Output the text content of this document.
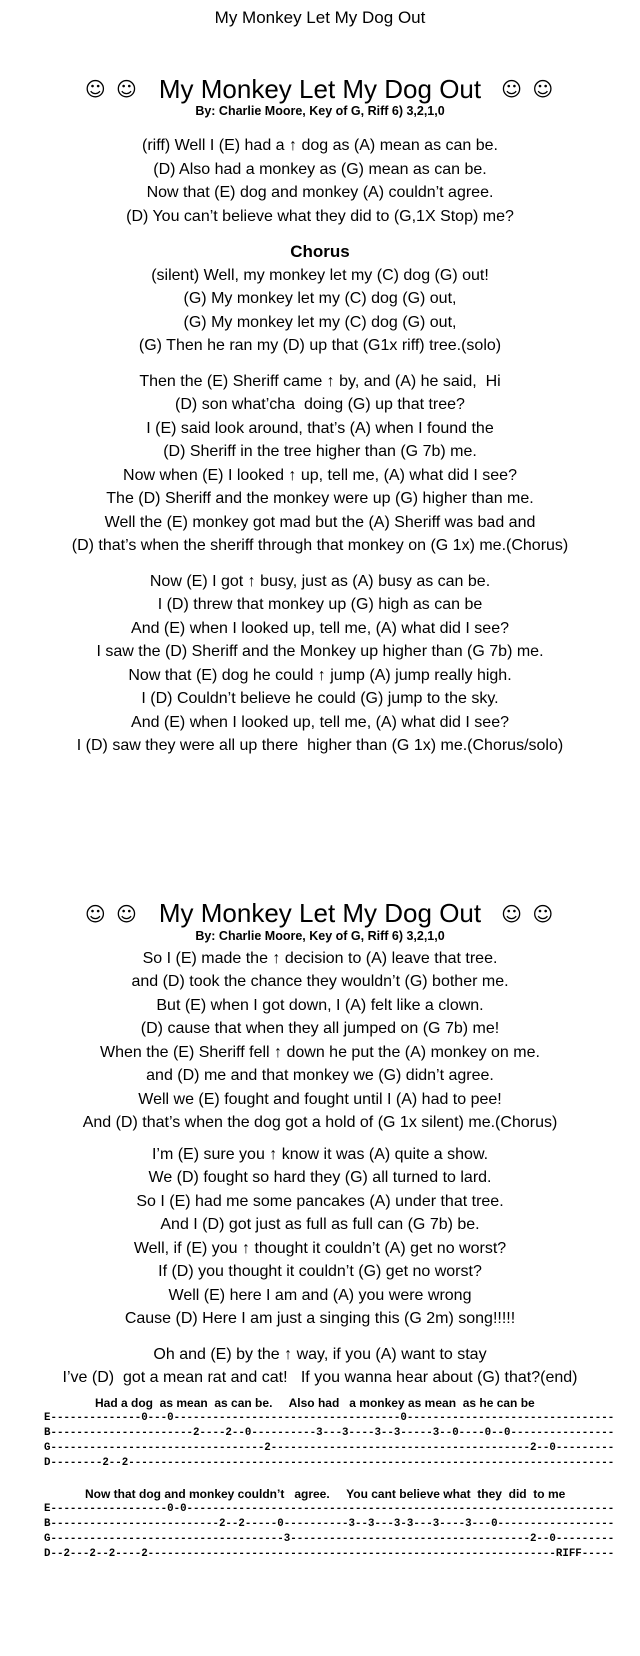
My Monkey Let My Dog Out
☺ ☺ My Monkey Let My Dog Out ☺ ☺
By: Charlie Moore, Key of G, Riff 6) 3,2,1,0
(riff) Well I (E) had a ↑ dog as (A) mean as can be.
(D) Also had a monkey as (G) mean as can be.
Now that (E) dog and monkey (A) couldn’t agree.
(D) You can’t believe what they did to (G,1X Stop) me?
Chorus
(silent) Well, my monkey let my (C) dog (G) out!
(G) My monkey let my (C) dog (G) out,
(G) My monkey let my (C) dog (G) out,
(G) Then he ran my (D) up that (G1x riff) tree.(solo)
Then the (E) Sheriff came ↑ by, and (A) he said,  Hi
(D) son what’cha  doing (G) up that tree?
I (E) said look around, that’s (A) when I found the
(D) Sheriff in the tree higher than (G 7b) me.
Now when (E) I looked ↑ up, tell me, (A) what did I see?
The (D) Sheriff and the monkey were up (G) higher than me.
Well the (E) monkey got mad but the (A) Sheriff was bad and
(D) that’s when the sheriff through that monkey on (G 1x) me.(Chorus)
Now (E) I got ↑ busy, just as (A) busy as can be.
I (D) threw that monkey up (G) high as can be
And (E) when I looked up, tell me, (A) what did I see?
I saw the (D) Sheriff and the Monkey up higher than (G 7b) me.
Now that (E) dog he could ↑ jump (A) jump really high.
I (D) Couldn’t believe he could (G) jump to the sky.
And (E) when I looked up, tell me, (A) what did I see?
I (D) saw they were all up there  higher than (G 1x) me.(Chorus/solo)
☺ ☺ My Monkey Let My Dog Out ☺ ☺
By: Charlie Moore, Key of G, Riff 6) 3,2,1,0
So I (E) made the ↑ decision to (A) leave that tree.
and (D) took the chance they wouldn’t (G) bother me.
But (E) when I got down, I (A) felt like a clown.
(D) cause that when they all jumped on (G 7b) me!
When the (E) Sheriff fell ↑ down he put the (A) monkey on me.
and (D) me and that monkey we (G) didn’t agree.
Well we (E) fought and fought until I (A) had to pee!
And (D) that’s when the dog got a hold of (G 1x silent) me.(Chorus)
I’m (E) sure you ↑ know it was (A) quite a show.
We (D) fought so hard they (G) all turned to lard.
So I (E) had me some pancakes (A) under that tree.
And I (D) got just as full as full can (G 7b) be.
Well, if (E) you ↑ thought it couldn’t (A) get no worst?
If (D) you thought it couldn’t (G) get no worst?
Well (E) here I am and (A) you were wrong
Cause (D) Here I am just a singing this (G 2m) song!!!!!
Oh and (E) by the ↑ way, if you (A) want to stay
I’ve (D)  got a mean rat and cat!   If you wanna hear about (G) that?(end)
Had a dog  as mean  as can be.     Also had   a monkey as mean  as he can be
E--------------0---0-----------------------------------0--------------------------------
B----------------------2----2--0----------3---3----3--3-----3--0----0--0----------------
G---------------------------------2----------------------------------------2--0---------
D--------2--2---------------------------------------------------------------------------
Now that dog and monkey couldn’t   agree.     You cant believe what  they  did  to me
E------------------0-0------------------------------------------------------------------
B--------------------------2--2-----0----------3--3---3-3---3----3---0------------------
G------------------------------------3-------------------------------------2--0---------
D--2---2--2----2---------------------------------------------------------------RIFF-----
